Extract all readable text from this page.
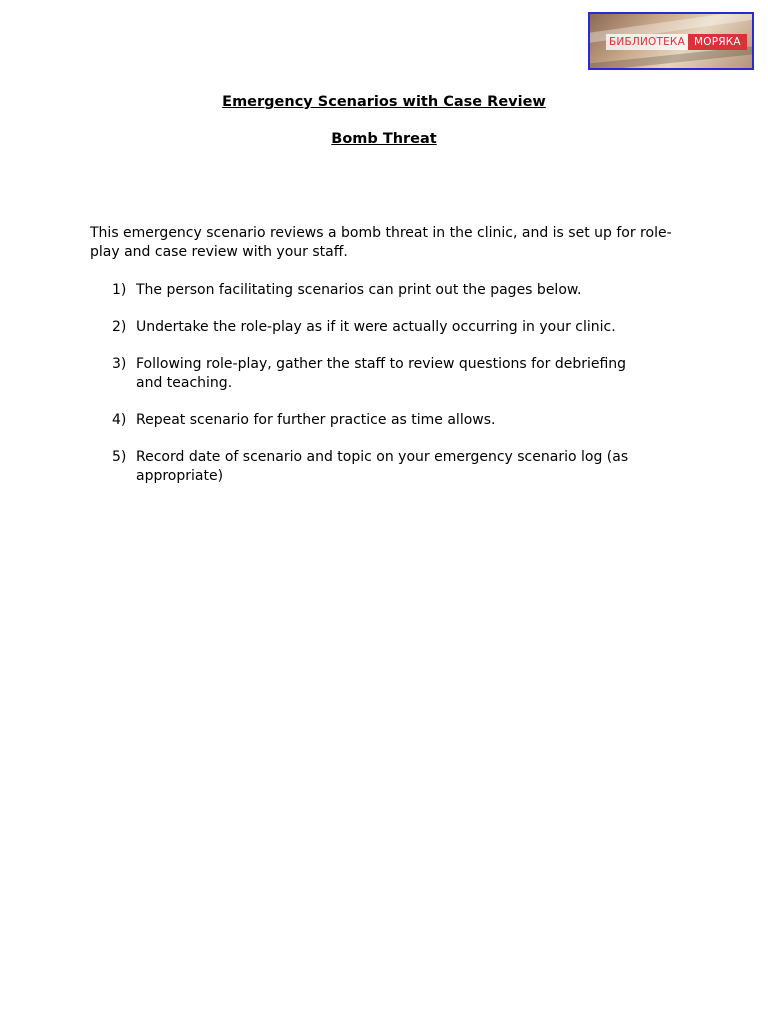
БИБЛИОТЕКА МОРЯКА
Emergency Scenarios with Case Review
Bomb Threat

This emergency scenario reviews a bomb threat in the clinic, and is set up for role-play and case review with your staff.

1) The person facilitating scenarios can print out the pages below.
2) Undertake the role-play as if it were actually occurring in your clinic.
3) Following role-play, gather the staff to review questions for debriefing and teaching.
4) Repeat scenario for further practice as time allows.
5) Record date of scenario and topic on your emergency scenario log (as appropriate)
